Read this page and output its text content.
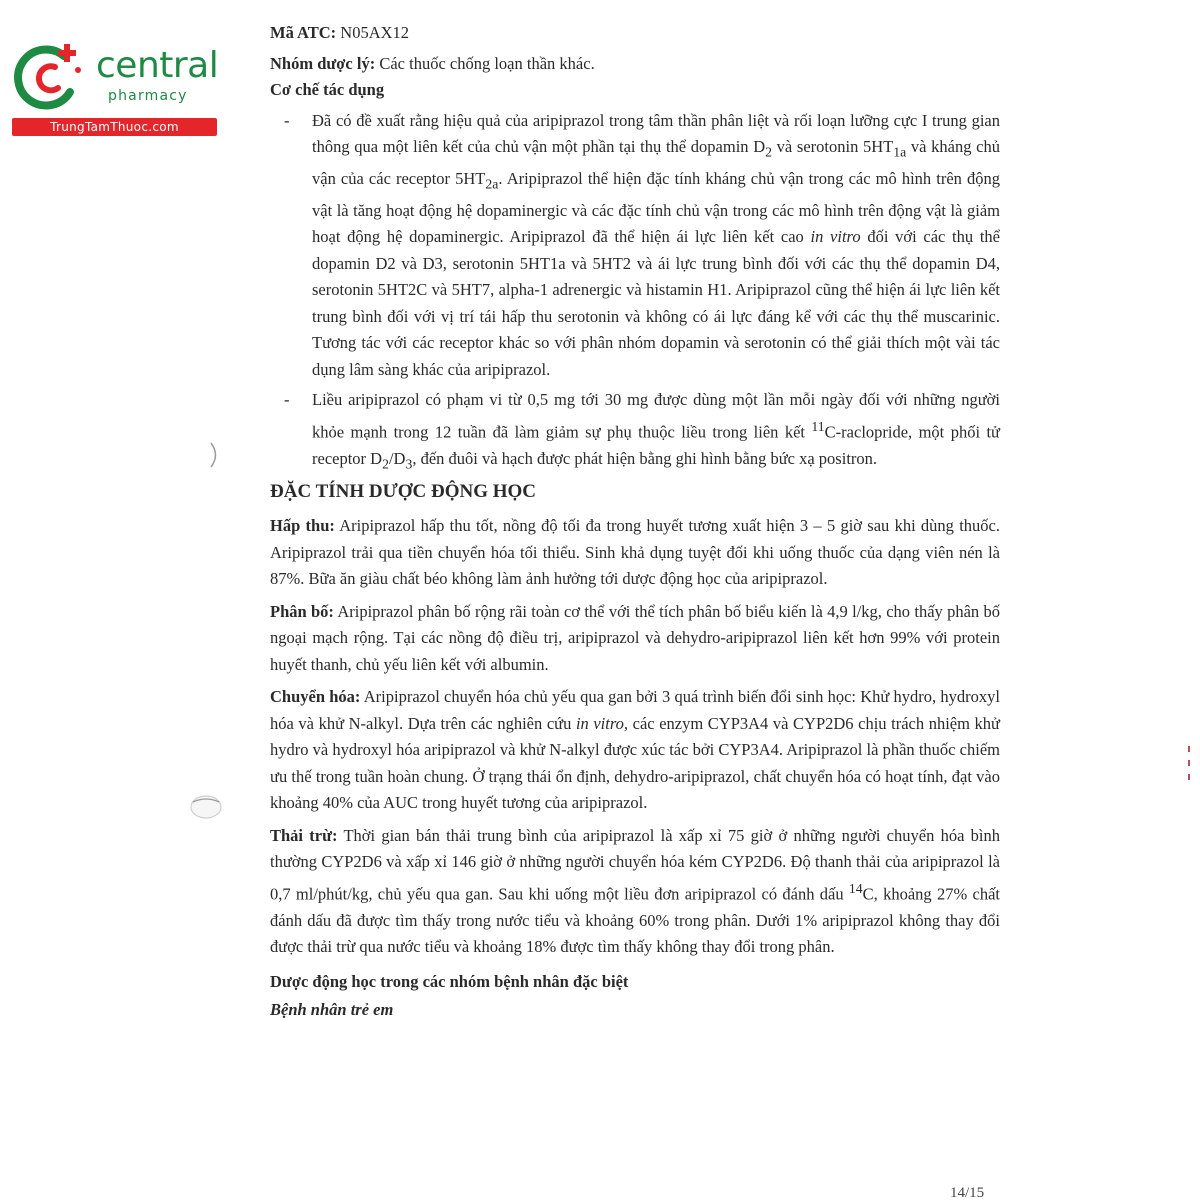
central

pharmacy

TrungTamThuoc.com

Mã ATC: N05AX12

Nhóm dược lý: Các thuốc chống loạn thần khác.

Cơ chế tác dụng

- Đã có đề xuất rằng hiệu quả của aripiprazol trong tâm thần phân liệt và rối loạn lưỡng cực I trung gian thông qua một liên kết của chủ vận một phần tại thụ thể dopamin $D_2$ và serotonin $5HT_{1a}$ và kháng chủ vận của các receptor $5HT_{2a}$. Aripiprazol thể hiện đặc tính kháng chủ vận trong các mô hình trên động vật là tăng hoạt động hệ dopaminergic và các đặc tính chủ vận trong các mô hình trên động vật là giảm hoạt động hệ dopaminergic. Aripiprazol đã thể hiện ái lực liên kết cao in vitro đối với các thụ thể dopamin D2 và D3, serotonin 5HT1a và 5HT2 và ái lực trung bình đối với các thụ thể dopamin D4, serotonin 5HT2C và 5HT7, alpha-1 adrenergic và histamin H1. Aripiprazol cũng thể hiện ái lực liên kết trung bình đối với vị trí tái hấp thu serotonin và không có ái lực đáng kể với các thụ thể muscarinic. Tương tác với các receptor khác so với phân nhóm dopamin và serotonin có thể giải thích một vài tác dụng lâm sàng khác của aripiprazol.

- Liều aripiprazol có phạm vi từ 0,5 mg tới 30 mg được dùng một lần mỗi ngày đối với những người khỏe mạnh trong 12 tuần đã làm giảm sự phụ thuộc liều trong liên kết $^{11}$C-raclopride, một phối tử receptor $D_2/D_3$, đến đuôi và hạch được phát hiện bằng ghi hình bằng bức xạ positron.

ĐẶC TÍNH DƯỢC ĐỘNG HỌC

Hấp thu: Aripiprazol hấp thu tốt, nồng độ tối đa trong huyết tương xuất hiện 3 – 5 giờ sau khi dùng thuốc. Aripiprazol trải qua tiền chuyển hóa tối thiểu. Sinh khả dụng tuyệt đối khi uống thuốc của dạng viên nén là 87%. Bữa ăn giàu chất béo không làm ảnh hưởng tới dược động học của aripiprazol.

Phân bố: Aripiprazol phân bố rộng rãi toàn cơ thể với thể tích phân bố biểu kiến là 4,9 l/kg, cho thấy phân bố ngoại mạch rộng. Tại các nồng độ điều trị, aripiprazol và dehydro-aripiprazol liên kết hơn 99% với protein huyết thanh, chủ yếu liên kết với albumin.

Chuyển hóa: Aripiprazol chuyển hóa chủ yếu qua gan bởi 3 quá trình biến đổi sinh học: Khử hydro, hydroxyl hóa và khử N-alkyl. Dựa trên các nghiên cứu in vitro, các enzym CYP3A4 và CYP2D6 chịu trách nhiệm khử hydro và hydroxyl hóa aripiprazol và khử N-alkyl được xúc tác bởi CYP3A4. Aripiprazol là phần thuốc chiếm ưu thế trong tuần hoàn chung. Ở trạng thái ổn định, dehydro-aripiprazol, chất chuyển hóa có hoạt tính, đạt vào khoảng 40% của AUC trong huyết tương của aripiprazol.

Thải trừ: Thời gian bán thải trung bình của aripiprazol là xấp xỉ 75 giờ ở những người chuyển hóa bình thường CYP2D6 và xấp xỉ 146 giờ ở những người chuyển hóa kém CYP2D6. Độ thanh thải của aripiprazol là 0,7 ml/phút/kg, chủ yếu qua gan. Sau khi uống một liều đơn aripiprazol có đánh dấu $^{14}$C, khoảng 27% chất đánh dấu đã được tìm thấy trong nước tiểu và khoảng 60% trong phân. Dưới 1% aripiprazol không thay đổi được thải trừ qua nước tiểu và khoảng 18% được tìm thấy không thay đổi trong phân.

Dược động học trong các nhóm bệnh nhân đặc biệt

Bệnh nhân trẻ em

14/15
